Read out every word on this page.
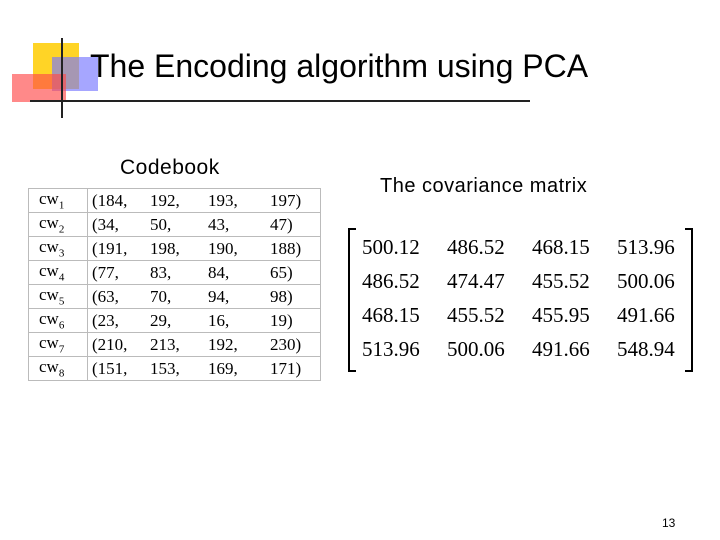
The Encoding algorithm using PCA
Codebook
$cw_1$	(184, 192, 193, 197)
$cw_2$	(34, 50, 43, 47)
$cw_3$	(191, 198, 190, 188)
$cw_4$	(77, 83, 84, 65)
$cw_5$	(63, 70, 94, 98)
$cw_6$	(23, 29, 16, 19)
$cw_7$	(210, 213, 192, 230)
$cw_8$	(151, 153, 169, 171)
The covariance matrix
500.12 486.52 468.15 513.96
486.52 474.47 455.52 500.06
468.15 455.52 455.95 491.66
513.96 500.06 491.66 548.94
13
